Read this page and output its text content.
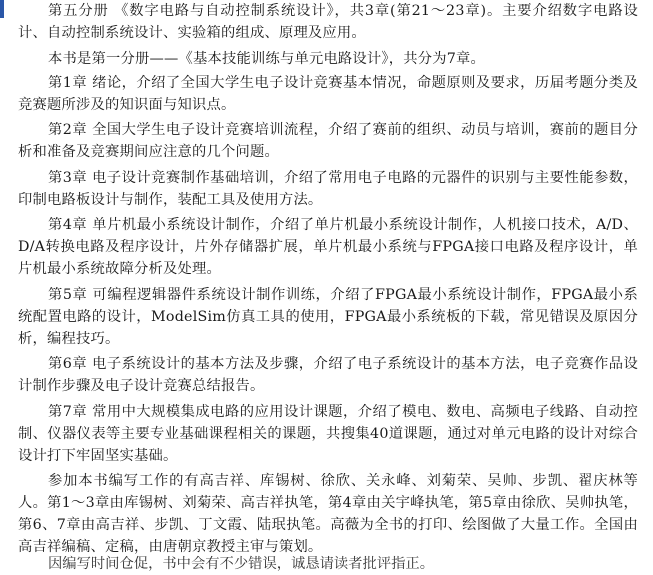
第五分册 《数字电路与自动控制系统设计》，共3章(第21～23章)。主要介绍数字电路设计、自动控制系统设计、实验箱的组成、原理及应用。

本书是第一分册——《基本技能训练与单元电路设计》，共分为7章。

第1章 绪论，介绍了全国大学生电子设计竞赛基本情况，命题原则及要求，历届考题分类及竞赛题所涉及的知识面与知识点。

第2章 全国大学生电子设计竞赛培训流程，介绍了赛前的组织、动员与培训，赛前的题目分析和准备及竞赛期间应注意的几个问题。

第3章 电子设计竞赛制作基础培训，介绍了常用电子电路的元器件的识别与主要性能参数，印制电路板设计与制作，装配工具及使用方法。

第4章 单片机最小系统设计制作，介绍了单片机最小系统设计制作，人机接口技术，A/D、D/A转换电路及程序设计，片外存储器扩展，单片机最小系统与FPGA接口电路及程序设计，单片机最小系统故障分析及处理。

第5章 可编程逻辑器件系统设计制作训练，介绍了FPGA最小系统设计制作，FPGA最小系统配置电路的设计，ModelSim仿真工具的使用，FPGA最小系统板的下载，常见错误及原因分析，编程技巧。

第6章 电子系统设计的基本方法及步骤，介绍了电子系统设计的基本方法，电子竞赛作品设计制作步骤及电子设计竞赛总结报告。

第7章 常用中大规模集成电路的应用设计课题，介绍了模电、数电、高频电子线路、自动控制、仪器仪表等主要专业基础课程相关的课题，共搜集40道课题，通过对单元电路的设计对综合设计打下牢固坚实基础。

参加本书编写工作的有高吉祥、库锡树、徐欣、关永峰、刘菊荣、吴帅、步凯、翟庆林等人。第1～3章由库锡树、刘菊荣、高吉祥执笔，第4章由关宇峰执笔，第5章由徐欣、吴帅执笔，第6、7章由高吉祥、步凯、丁文霞、陆珉执笔。高薇为全书的打印、绘图做了大量工作。全国由高吉祥编稿、定稿，由唐朝京教授主审与策划。

因编写时间仓促，书中会有不少错误，诚恳请读者批评指正。
